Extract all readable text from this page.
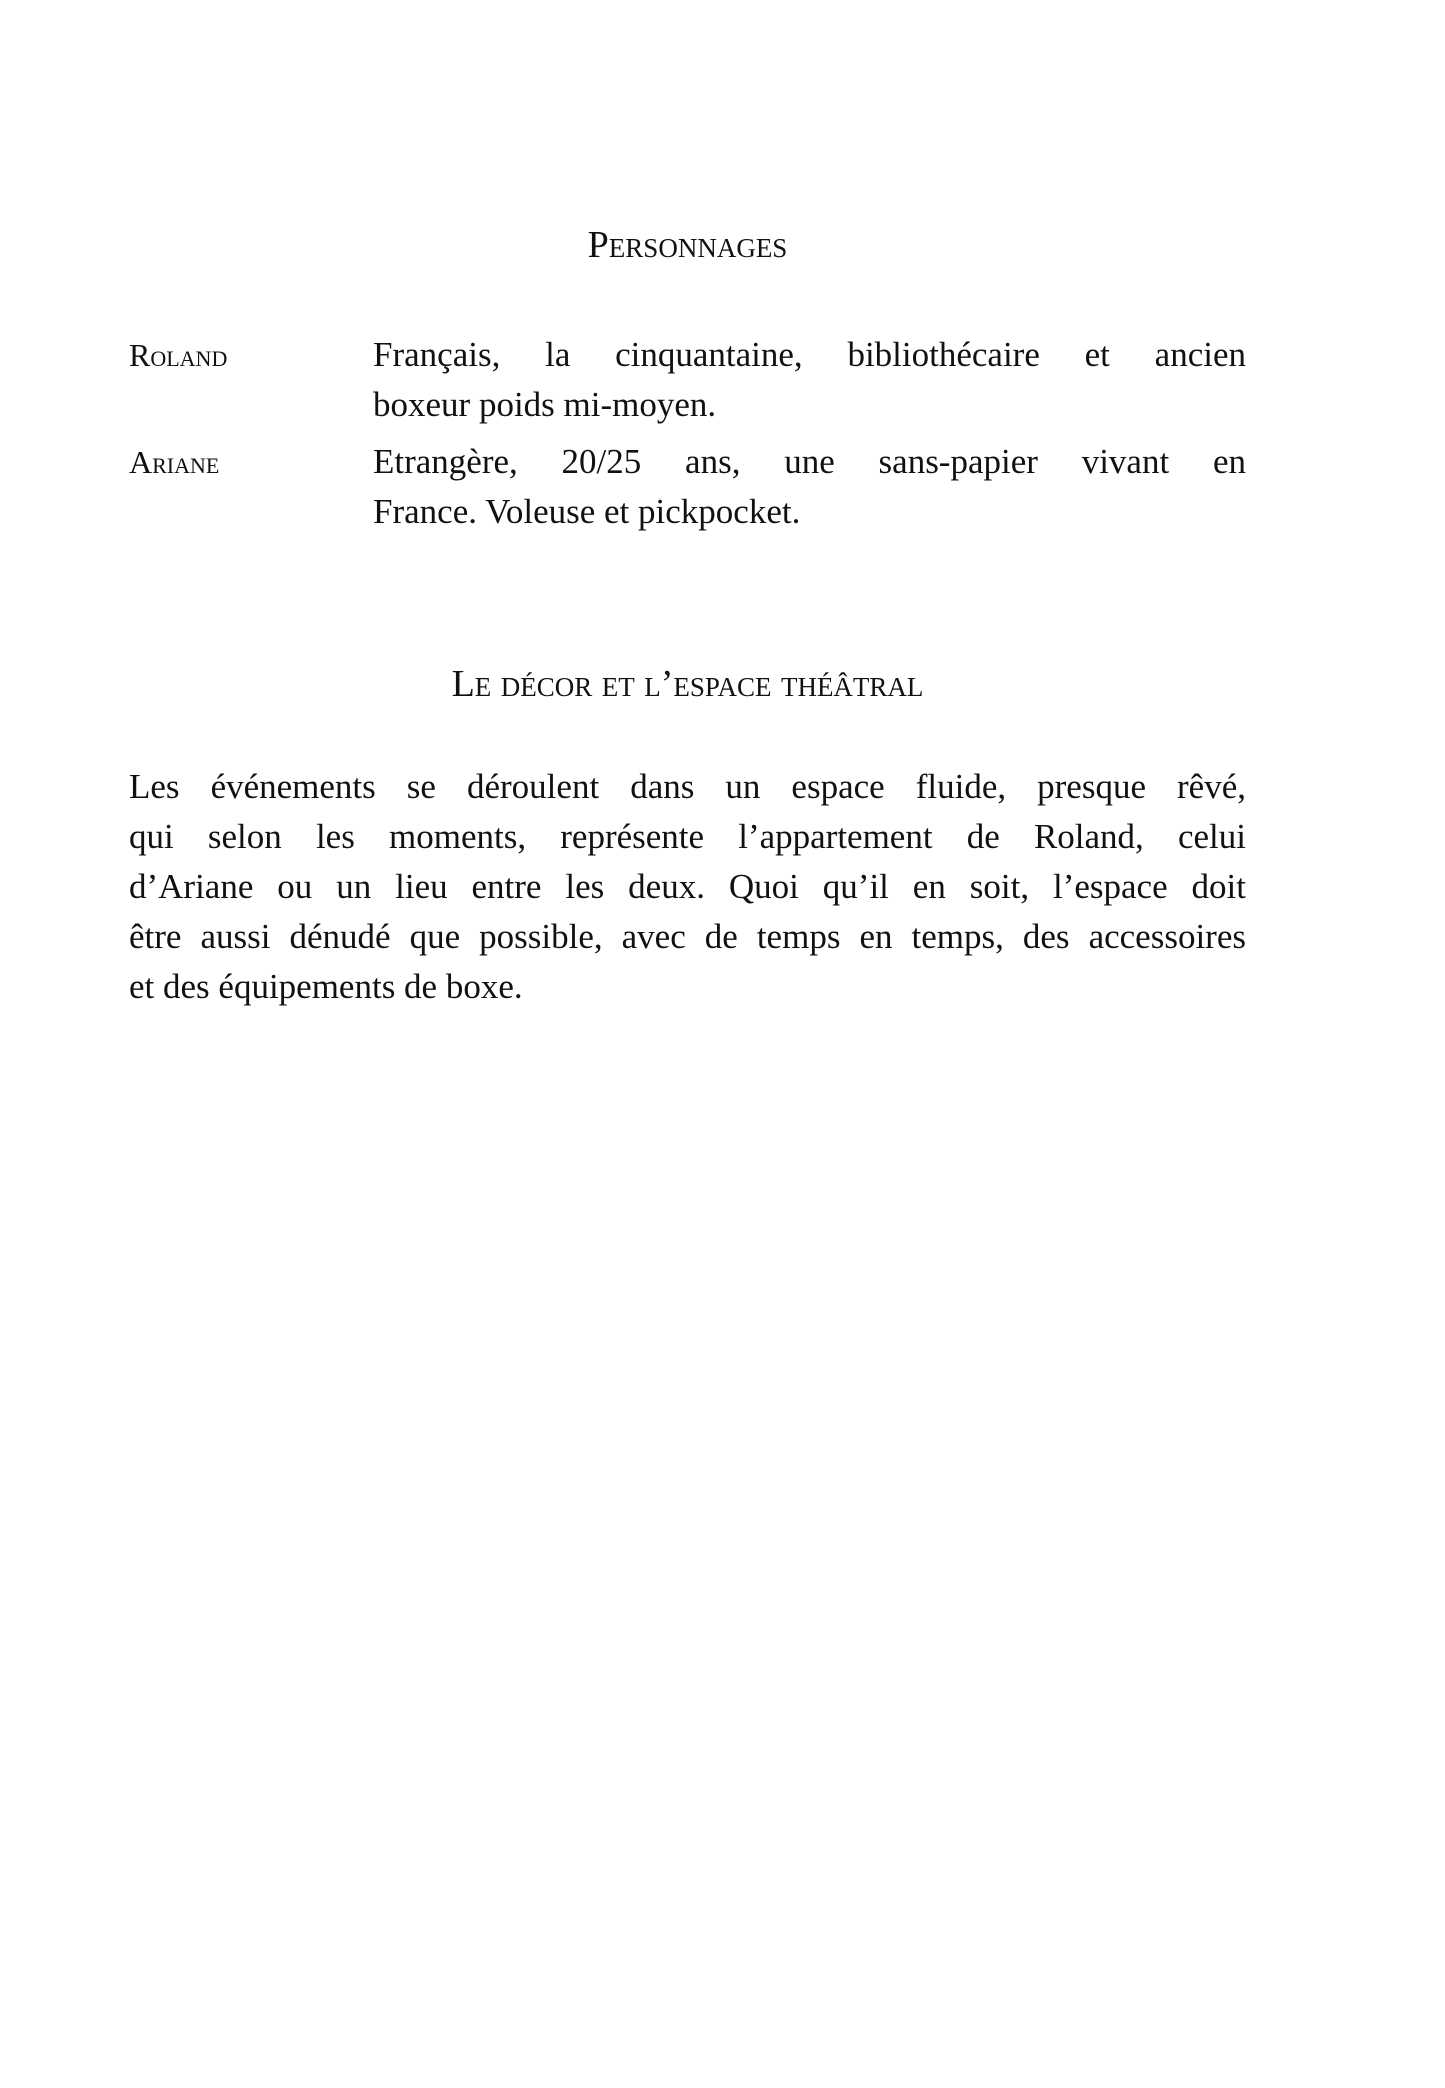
Personnages
Roland	Français, la cinquantaine, bibliothécaire et ancien
boxeur poids mi-moyen.
Ariane	Etrangère, 20/25 ans, une sans-papier vivant en
France. Voleuse et pickpocket.
Le décor et l’espace théâtral
Les événements se déroulent dans un espace fluide, presque rêvé,
qui selon les moments, représente l’appartement de Roland, celui
d’Ariane ou un lieu entre les deux. Quoi qu’il en soit, l’espace doit
être aussi dénudé que possible, avec de temps en temps, des accessoires
et des équipements de boxe.
